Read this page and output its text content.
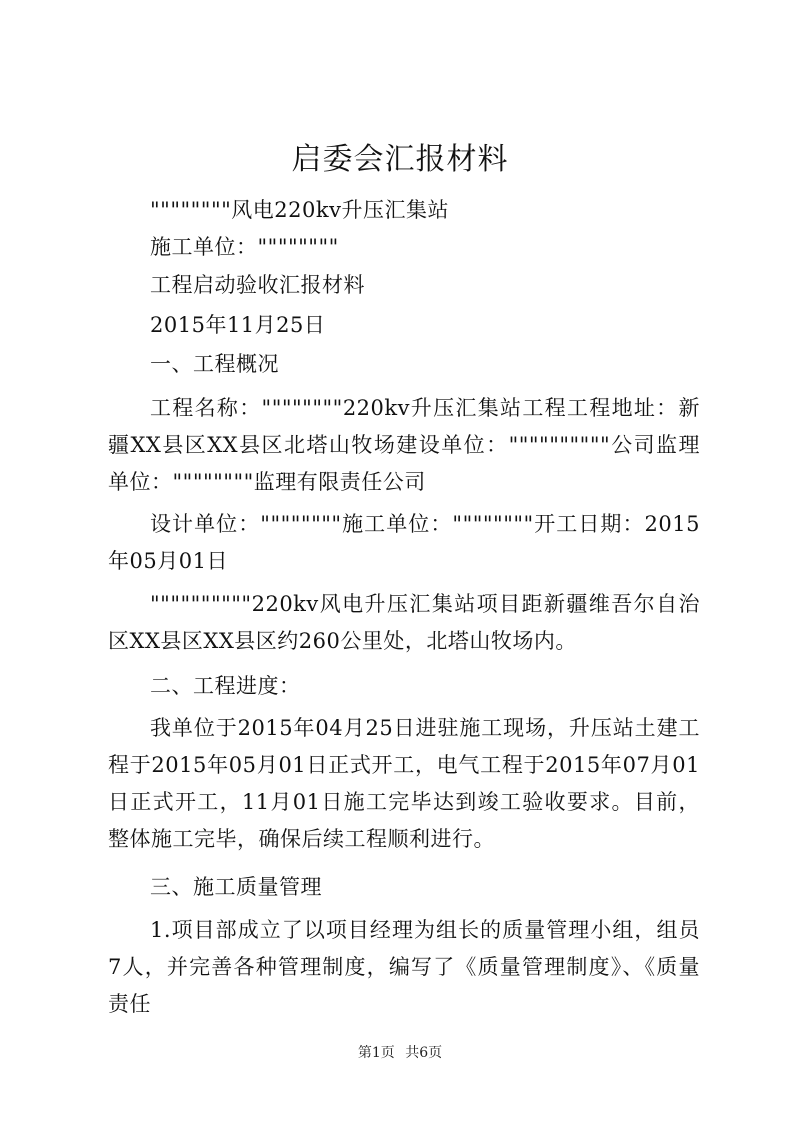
启委会汇报材料
""""""""风电220kv升压汇集站
施工单位：""""""""
工程启动验收汇报材料
2015年11月25日
一、工程概况
工程名称：""""""""220kv升压汇集站工程工程地址：新疆XX县区XX县区北塔山牧场建设单位：""""""""""公司监理单位：""""""""监理有限责任公司
设计单位：""""""""施工单位：""""""""开工日期：2015年05月01日
""""""""""220kv风电升压汇集站项目距新疆维吾尔自治区XX县区XX县区约260公里处，北塔山牧场内。
二、工程进度：
我单位于2015年04月25日进驻施工现场，升压站土建工程于2015年05月01日正式开工，电气工程于2015年07月01日正式开工，11月01日施工完毕达到竣工验收要求。目前，整体施工完毕，确保后续工程顺利进行。
三、施工质量管理
1.项目部成立了以项目经理为组长的质量管理小组，组员7人，并完善各种管理制度，编写了《质量管理制度》、《质量责任
第1页 共6页
